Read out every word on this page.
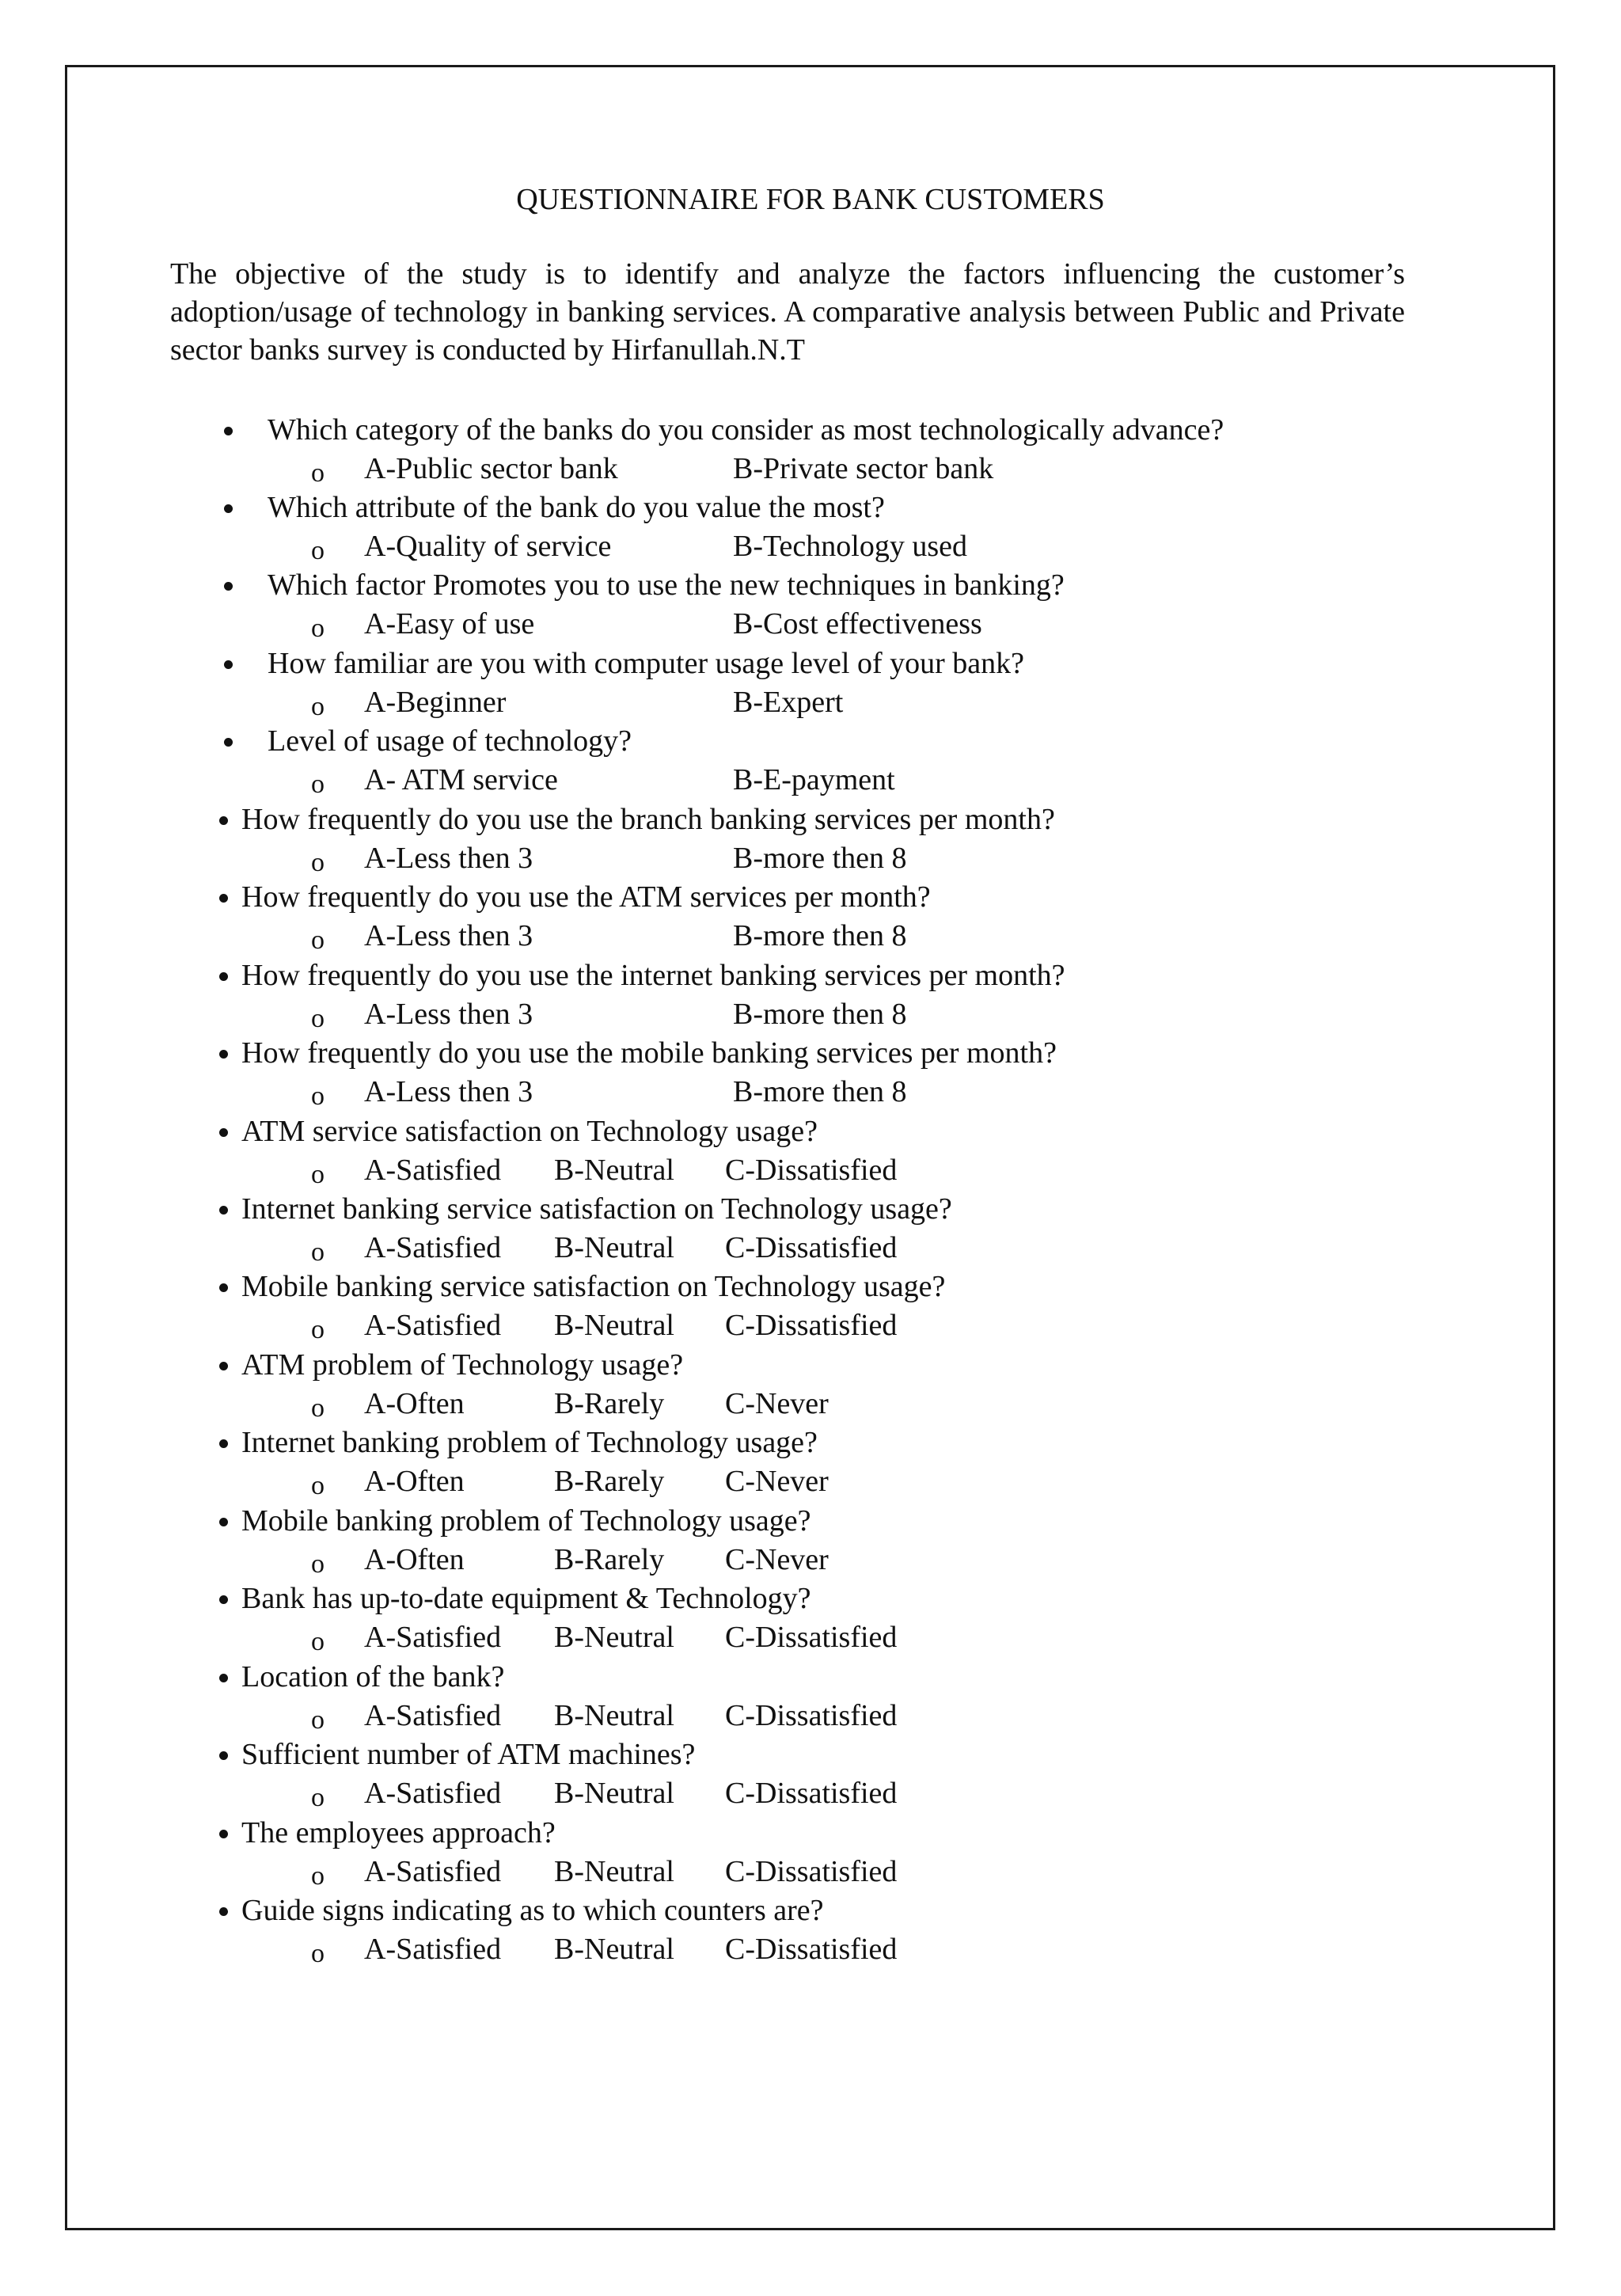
QUESTIONNAIRE FOR BANK CUSTOMERS
The objective of the study is to identify and analyze the factors influencing the customer’s adoption/usage of technology in banking services. A comparative analysis between Public and Private sector banks survey is conducted by Hirfanullah.N.T
Which category of the banks do you consider as most technologically advance?
o A-Public sector bank	B-Private sector bank
Which attribute of the bank do you value the most?
o A-Quality of service	B-Technology used
Which factor Promotes you to use the new techniques in banking?
o A-Easy of use	B-Cost effectiveness
How familiar are you with computer usage level of your bank?
o A-Beginner	B-Expert
Level of usage of technology?
o A- ATM service	B-E-payment
How frequently do you use the branch banking services per month?
o A-Less then 3	B-more then 8
How frequently do you use the ATM services per month?
o A-Less then 3	B-more then 8
How frequently do you use the internet banking services per month?
o A-Less then 3	B-more then 8
How frequently do you use the mobile banking services per month?
o A-Less then 3	B-more then 8
ATM service satisfaction on Technology usage?
o A-Satisfied B-Neutral C-Dissatisfied
Internet banking service satisfaction on Technology usage?
o A-Satisfied B-Neutral C-Dissatisfied
Mobile banking service satisfaction on Technology usage?
o A-Satisfied B-Neutral C-Dissatisfied
ATM problem of Technology usage?
o A-Often	B-Rarely C-Never
Internet banking problem of Technology usage?
o A-Often	B-Rarely C-Never
Mobile banking problem of Technology usage?
o A-Often	B-Rarely C-Never
Bank has up-to-date equipment & Technology?
o A-Satisfied B-Neutral C-Dissatisfied
Location of the bank?
o A-Satisfied B-Neutral C-Dissatisfied
Sufficient number of ATM machines?
o A-Satisfied B-Neutral C-Dissatisfied
The employees approach?
o A-Satisfied B-Neutral C-Dissatisfied
Guide signs indicating as to which counters are?
o A-Satisfied B-Neutral C-Dissatisfied
